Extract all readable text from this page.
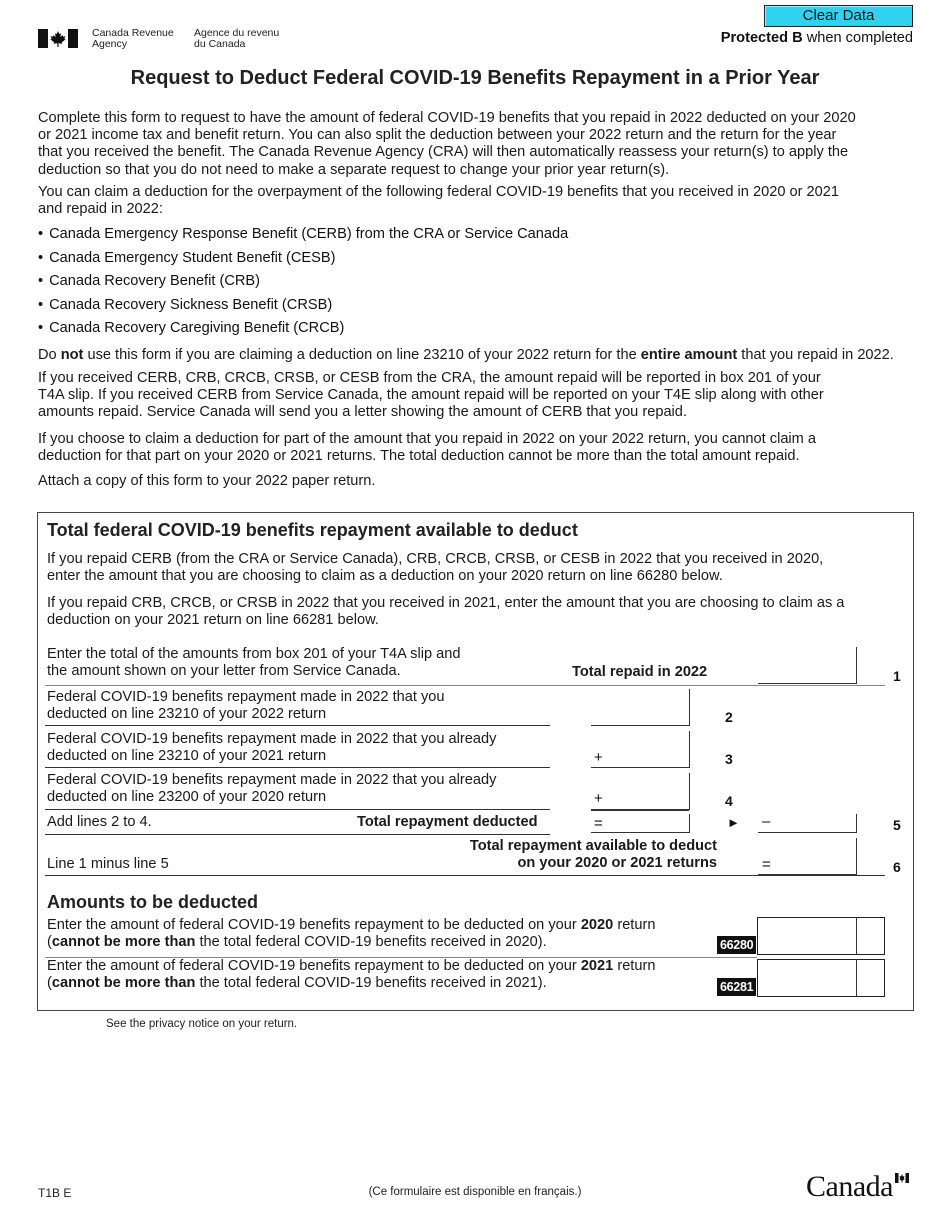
Canada Revenue
Agency
Agence du revenu
du Canada
Clear Data
Protected B when completed
Request to Deduct Federal COVID-19 Benefits Repayment in a Prior Year
Complete this form to request to have the amount of federal COVID-19 benefits that you repaid in 2022 deducted on your 2020
or 2021 income tax and benefit return. You can also split the deduction between your 2022 return and the return for the year
that you received the benefit. The Canada Revenue Agency (CRA) will then automatically reassess your return(s) to apply the
deduction so that you do not need to make a separate request to change your prior year return(s).
You can claim a deduction for the overpayment of the following federal COVID-19 benefits that you received in 2020 or 2021
and repaid in 2022:
• Canada Emergency Response Benefit (CERB) from the CRA or Service Canada
• Canada Emergency Student Benefit (CESB)
• Canada Recovery Benefit (CRB)
• Canada Recovery Sickness Benefit (CRSB)
• Canada Recovery Caregiving Benefit (CRCB)
Do not use this form if you are claiming a deduction on line 23210 of your 2022 return for the entire amount that you repaid in 2022.
If you received CERB, CRB, CRCB, CRSB, or CESB from the CRA, the amount repaid will be reported in box 201 of your
T4A slip. If you received CERB from Service Canada, the amount repaid will be reported on your T4E slip along with other
amounts repaid. Service Canada will send you a letter showing the amount of CERB that you repaid.
If you choose to claim a deduction for part of the amount that you repaid in 2022 on your 2022 return, you cannot claim a
deduction for that part on your 2020 or 2021 returns. The total deduction cannot be more than the total amount repaid.
Attach a copy of this form to your 2022 paper return.
Total federal COVID-19 benefits repayment available to deduct
If you repaid CERB (from the CRA or Service Canada), CRB, CRCB, CRSB, or CESB in 2022 that you received in 2020,
enter the amount that you are choosing to claim as a deduction on your 2020 return on line 66280 below.
If you repaid CRB, CRCB, or CRSB in 2022 that you received in 2021, enter the amount that you are choosing to claim as a
deduction on your 2021 return on line 66281 below.
Enter the total of the amounts from box 201 of your T4A slip and
the amount shown on your letter from Service Canada.	Total repaid in 2022	1
Federal COVID-19 benefits repayment made in 2022 that you
deducted on line 23210 of your 2022 return	2
Federal COVID-19 benefits repayment made in 2022 that you already
deducted on line 23210 of your 2021 return	+	3
Federal COVID-19 benefits repayment made in 2022 that you already
deducted on line 23200 of your 2020 return	+	4
Add lines 2 to 4.	Total repayment deducted	=	► –	5
Line 1 minus line 5
Total repayment available to deduct
on your 2020 or 2021 returns	=	6
Amounts to be deducted
Enter the amount of federal COVID-19 benefits repayment to be deducted on your 2020 return
(cannot be more than the total federal COVID-19 benefits received in 2020).	66280
Enter the amount of federal COVID-19 benefits repayment to be deducted on your 2021 return
(cannot be more than the total federal COVID-19 benefits received in 2021).	66281
See the privacy notice on your return.
T1B E	(Ce formulaire est disponible en français.)	Canada
